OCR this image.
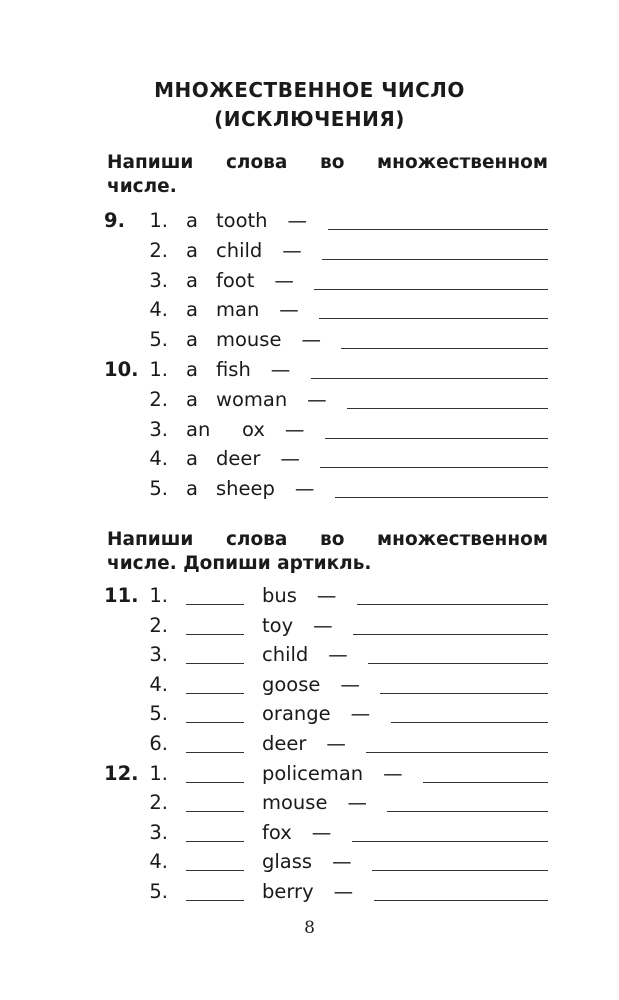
МНОЖЕСТВЕННОЕ ЧИСЛО
(ИСКЛЮЧЕНИЯ)
Напиши слова во множественном
числе.
9. 1. a tooth —
2. a child —
3. a foot —
4. a man —
5. a mouse —
10. 1. a fish —
2. a woman —
3. an ox —
4. a deer —
5. a sheep —
Напиши слова во множественном
числе. Допиши артикль.
11. 1.	bus —
2.	toy —
3.	child —
4.	goose —
5.	orange —
6.	deer —
12. 1.	policeman —
2.	mouse —
3.	fox —
4.	glass —
5.	berry —
8
